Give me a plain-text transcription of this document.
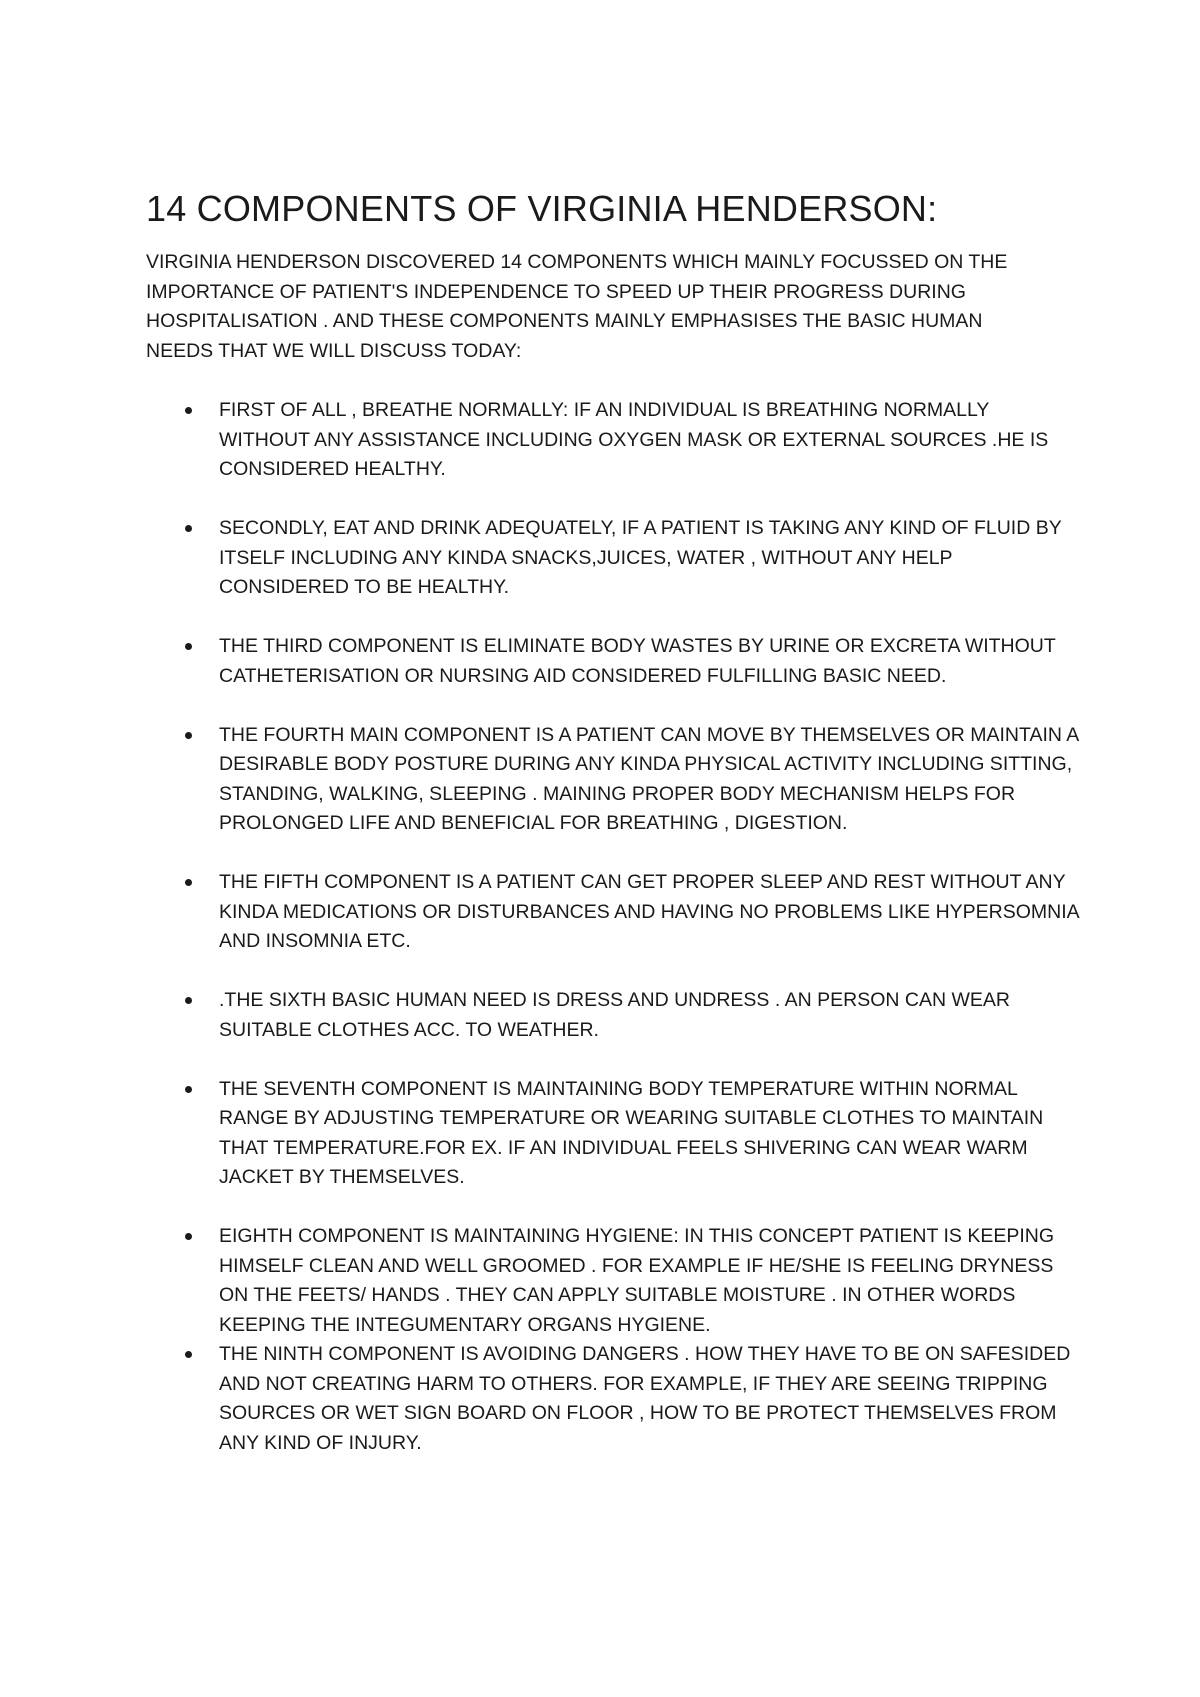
14 COMPONENTS OF VIRGINIA HENDERSON:

VIRGINIA HENDERSON DISCOVERED 14 COMPONENTS WHICH MAINLY FOCUSSED ON THE IMPORTANCE OF PATIENT'S INDEPENDENCE TO SPEED UP THEIR PROGRESS DURING HOSPITALISATION . AND THESE COMPONENTS MAINLY EMPHASISES THE BASIC HUMAN NEEDS THAT WE WILL DISCUSS TODAY:

FIRST OF ALL , BREATHE NORMALLY: IF AN INDIVIDUAL IS BREATHING NORMALLY WITHOUT ANY ASSISTANCE INCLUDING OXYGEN MASK OR EXTERNAL SOURCES .HE IS CONSIDERED HEALTHY.
SECONDLY, EAT AND DRINK ADEQUATELY, IF A PATIENT IS TAKING ANY KIND OF FLUID BY ITSELF INCLUDING ANY KINDA SNACKS,JUICES, WATER , WITHOUT ANY HELP CONSIDERED TO BE HEALTHY.
THE THIRD COMPONENT IS ELIMINATE BODY WASTES BY URINE OR EXCRETA WITHOUT CATHETERISATION OR NURSING AID CONSIDERED FULFILLING BASIC NEED.
THE FOURTH MAIN COMPONENT IS A PATIENT CAN MOVE BY THEMSELVES OR MAINTAIN A DESIRABLE BODY POSTURE DURING ANY KINDA PHYSICAL ACTIVITY INCLUDING SITTING, STANDING, WALKING, SLEEPING . MAINING PROPER BODY MECHANISM HELPS FOR PROLONGED LIFE AND BENEFICIAL FOR BREATHING , DIGESTION.
THE FIFTH COMPONENT IS A PATIENT CAN GET PROPER SLEEP AND REST WITHOUT ANY KINDA MEDICATIONS OR DISTURBANCES AND HAVING NO PROBLEMS LIKE HYPERSOMNIA AND INSOMNIA ETC.
.THE SIXTH BASIC HUMAN NEED IS DRESS AND UNDRESS . AN PERSON CAN WEAR SUITABLE CLOTHES ACC. TO WEATHER.
THE SEVENTH COMPONENT IS MAINTAINING BODY TEMPERATURE WITHIN NORMAL RANGE BY ADJUSTING TEMPERATURE OR WEARING SUITABLE CLOTHES TO MAINTAIN THAT TEMPERATURE.FOR EX. IF AN INDIVIDUAL FEELS SHIVERING CAN WEAR WARM JACKET BY THEMSELVES.
EIGHTH COMPONENT IS MAINTAINING HYGIENE: IN THIS CONCEPT PATIENT IS KEEPING HIMSELF CLEAN AND WELL GROOMED . FOR EXAMPLE IF HE/SHE IS FEELING DRYNESS ON THE FEETS/ HANDS . THEY CAN APPLY SUITABLE MOISTURE . IN OTHER WORDS KEEPING THE INTEGUMENTARY ORGANS HYGIENE.
THE NINTH COMPONENT IS AVOIDING DANGERS . HOW THEY HAVE TO BE ON SAFESIDED AND NOT CREATING HARM TO OTHERS. FOR EXAMPLE, IF THEY ARE SEEING TRIPPING SOURCES OR WET SIGN BOARD ON FLOOR , HOW TO BE PROTECT THEMSELVES FROM ANY KIND OF INJURY.
